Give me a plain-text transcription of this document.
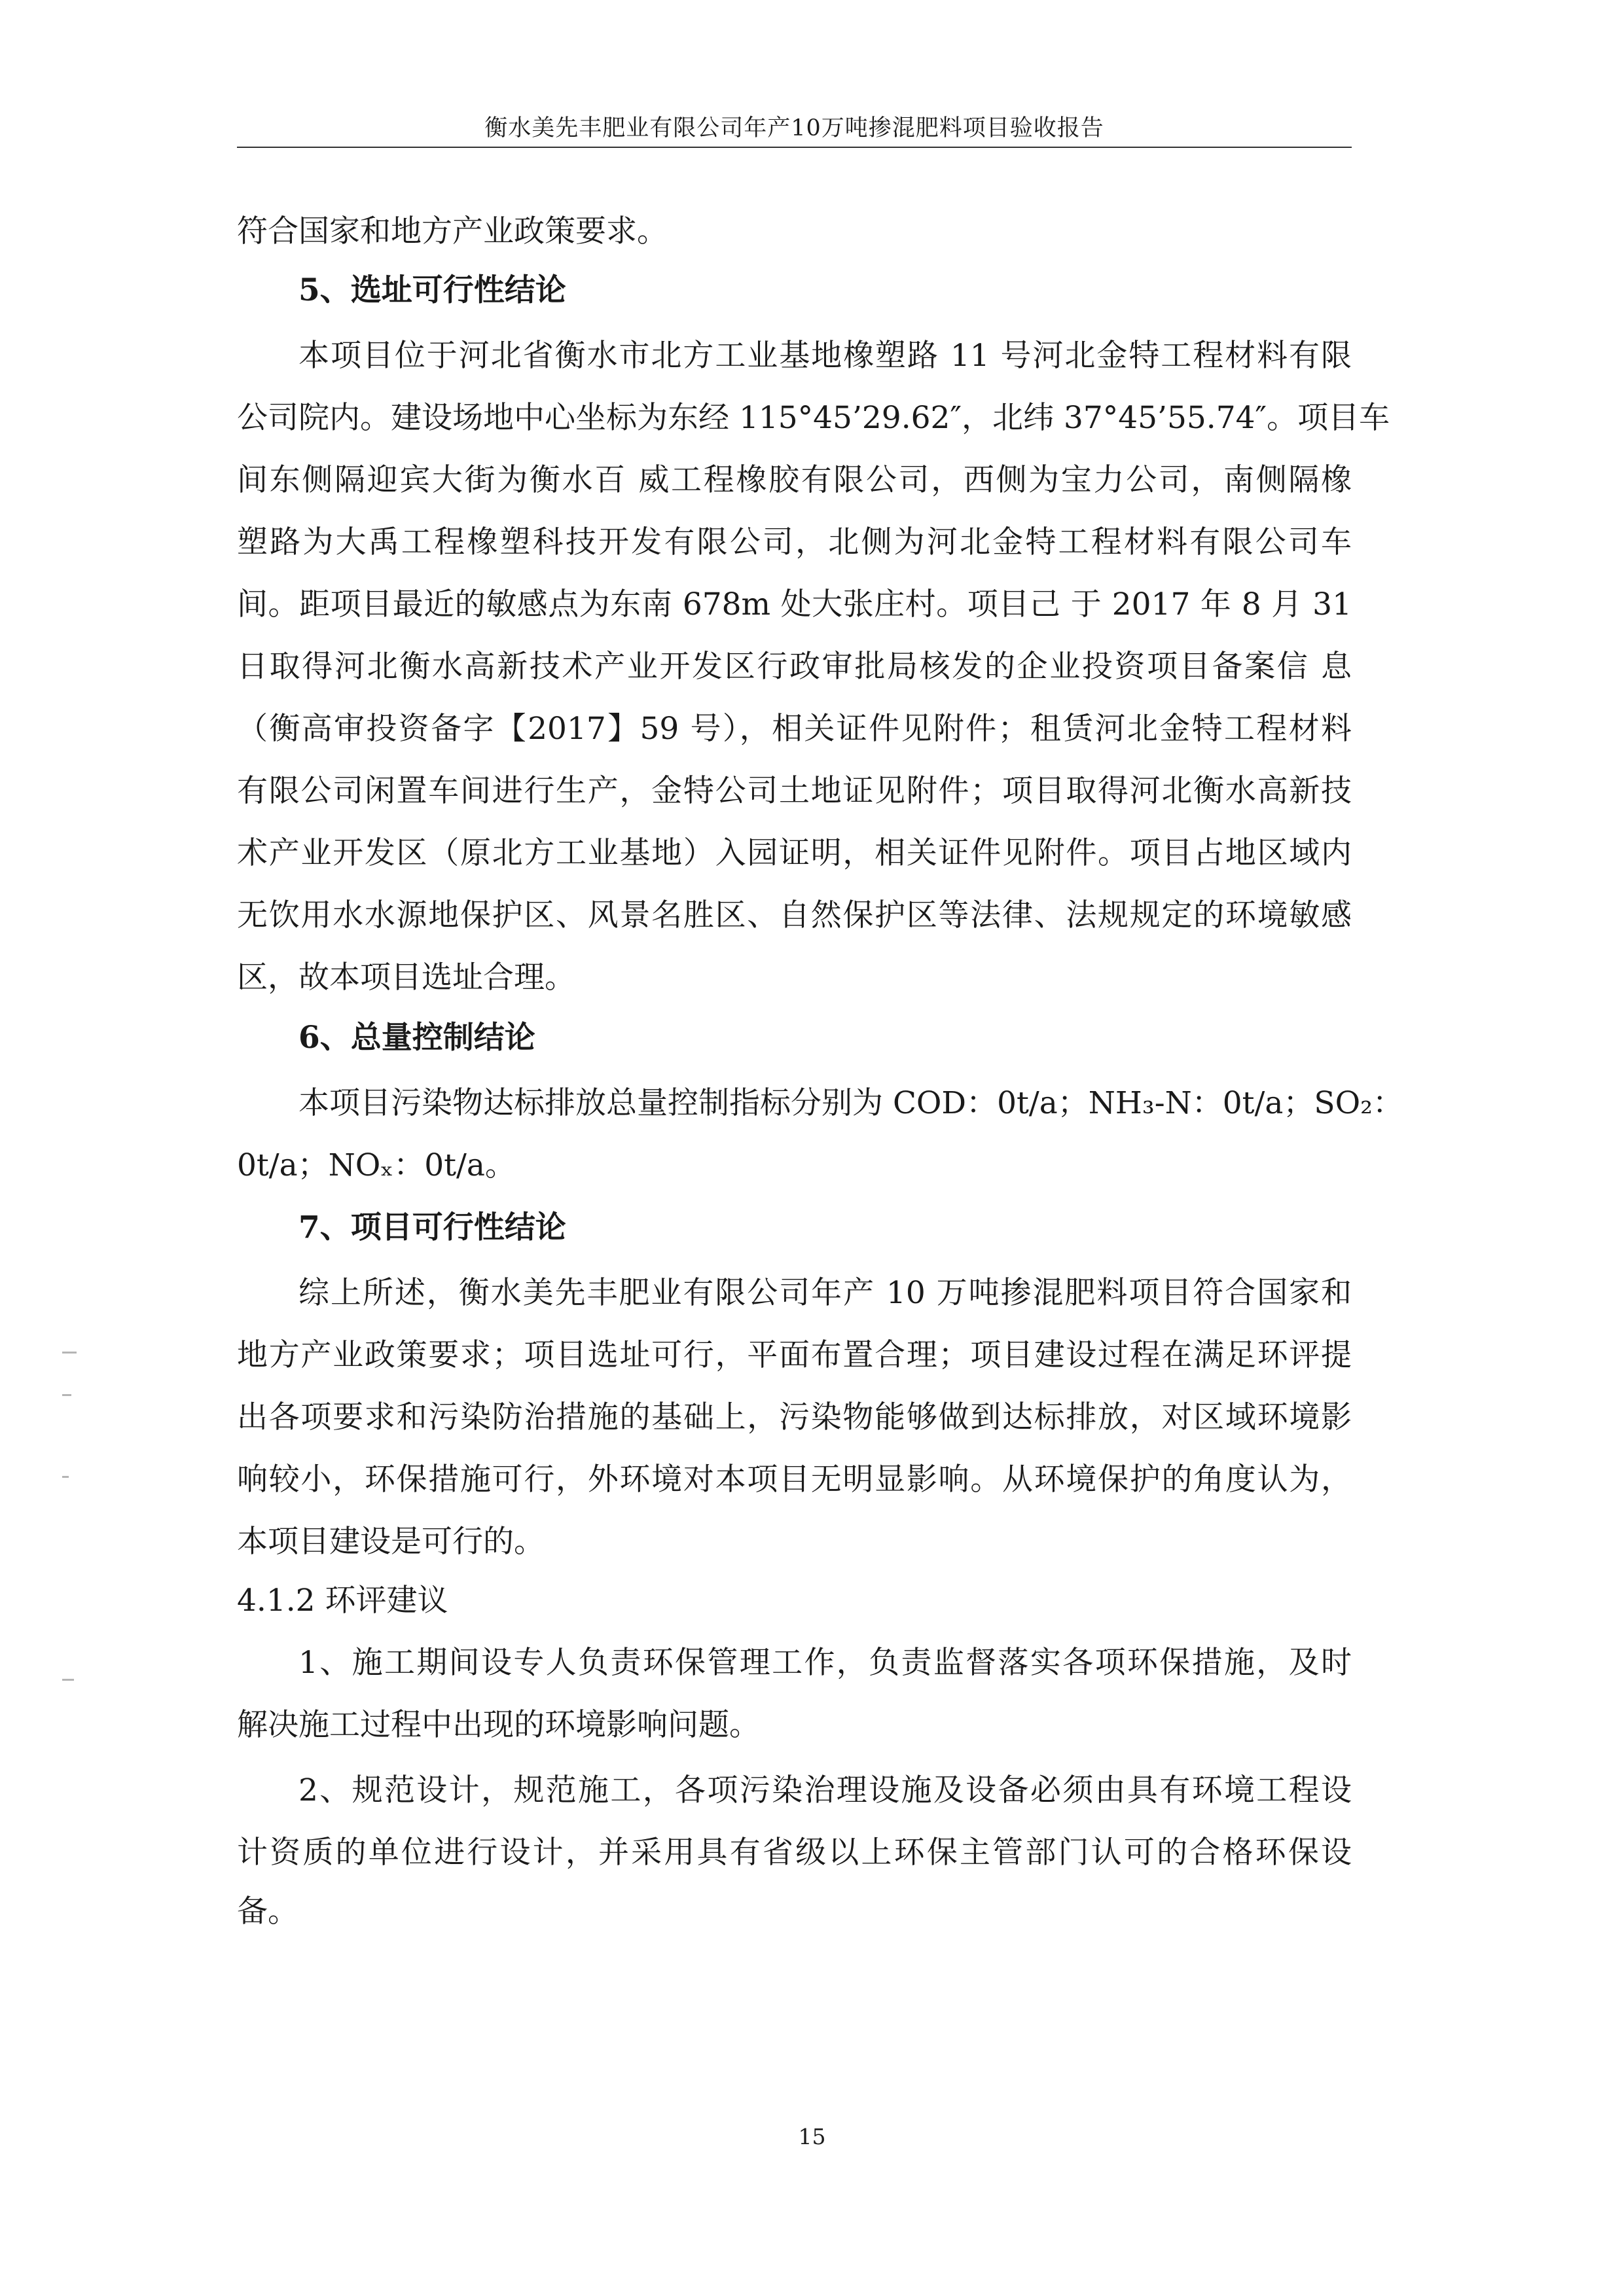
衡水美先丰肥业有限公司年产10万吨掺混肥料项目验收报告
符合国家和地方产业政策要求。
5、选址可行性结论
本项目位于河北省衡水市北方工业基地橡塑路 11 号河北金特工程材料有限
公司院内。建设场地中心坐标为东经 115°45’29.62″，北纬 37°45’55.74″。项目车
间东侧隔迎宾大街为衡水百 威工程橡胶有限公司，西侧为宝力公司，南侧隔橡
塑路为大禹工程橡塑科技开发有限公司，北侧为河北金特工程材料有限公司车
间。距项目最近的敏感点为东南 678m 处大张庄村。项目己 于 2017 年 8 月 31
日取得河北衡水高新技术产业开发区行政审批局核发的企业投资项目备案信 息
（衡高审投资备字【2017】59 号），相关证件见附件；租赁河北金特工程材料
有限公司闲置车间进行生产，金特公司土地证见附件；项目取得河北衡水高新技
术产业开发区（原北方工业基地）入园证明，相关证件见附件。项目占地区域内
无饮用水水源地保护区、风景名胜区、自然保护区等法律、法规规定的环境敏感
区，故本项目选址合理。
6、总量控制结论
本项目污染物达标排放总量控制指标分别为 COD：0t/a；NH₃-N：0t/a；SO₂：
0t/a；NOₓ：0t/a。
7、项目可行性结论
综上所述，衡水美先丰肥业有限公司年产 10 万吨掺混肥料项目符合国家和
地方产业政策要求；项目选址可行，平面布置合理；项目建设过程在满足环评提
出各项要求和污染防治措施的基础上，污染物能够做到达标排放，对区域环境影
响较小，环保措施可行，外环境对本项目无明显影响。从环境保护的角度认为，
本项目建设是可行的。
4.1.2 环评建议
1、施工期间设专人负责环保管理工作，负责监督落实各项环保措施，及时
解决施工过程中出现的环境影响问题。
2、规范设计，规范施工，各项污染治理设施及设备必须由具有环境工程设
计资质的单位进行设计，并采用具有省级以上环保主管部门认可的合格环保设
备。
15
